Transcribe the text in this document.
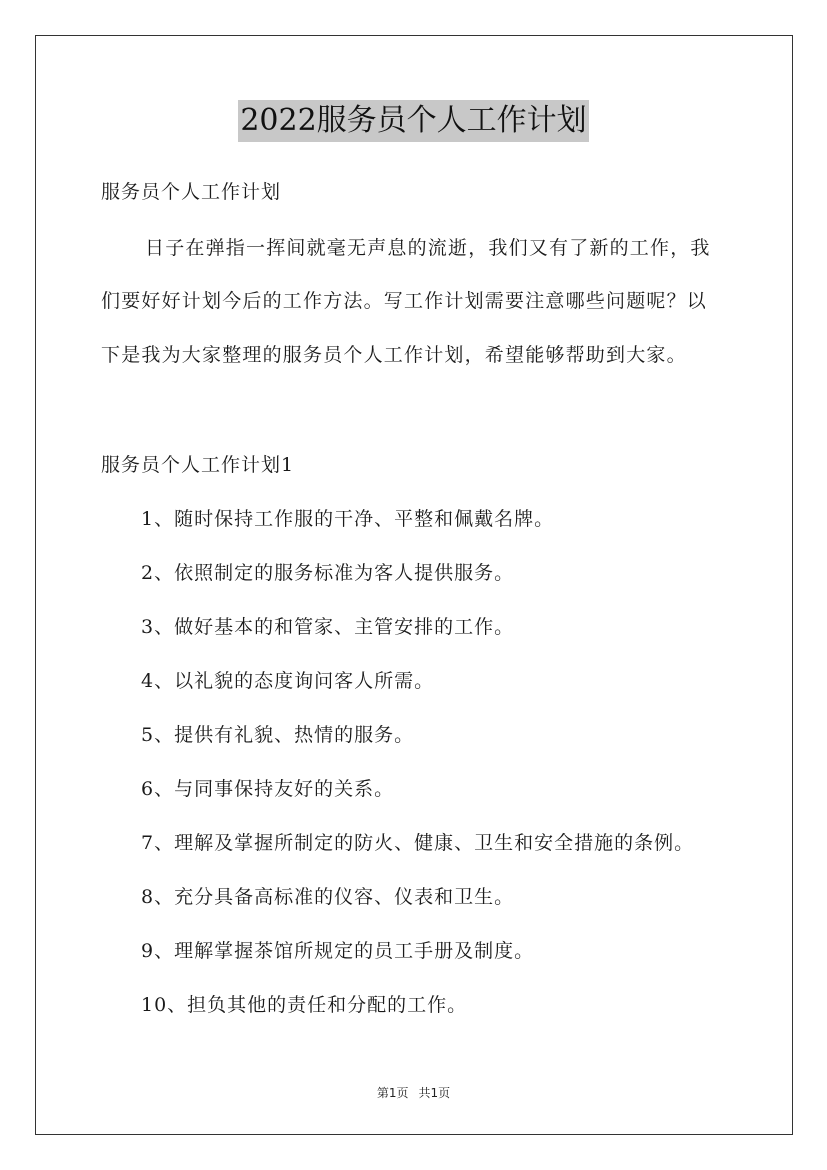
2022服务员个人工作计划
服务员个人工作计划
日子在弹指一挥间就毫无声息的流逝，我们又有了新的工作，我
们要好好计划今后的工作方法。写工作计划需要注意哪些问题呢？以
下是我为大家整理的服务员个人工作计划，希望能够帮助到大家。
服务员个人工作计划1
1、随时保持工作服的干净、平整和佩戴名牌。
2、依照制定的服务标准为客人提供服务。
3、做好基本的和管家、主管安排的工作。
4、以礼貌的态度询问客人所需。
5、提供有礼貌、热情的服务。
6、与同事保持友好的关系。
7、理解及掌握所制定的防火、健康、卫生和安全措施的条例。
8、充分具备高标准的仪容、仪表和卫生。
9、理解掌握茶馆所规定的员工手册及制度。
10、担负其他的责任和分配的工作。
第1页 共1页
